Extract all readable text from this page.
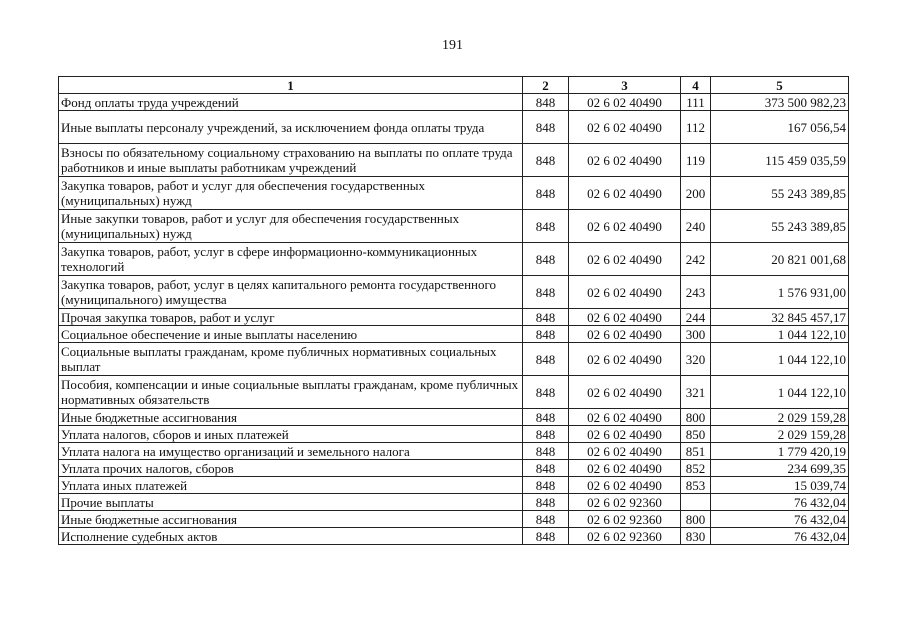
191
1	2	3	4	5
Фонд оплаты труда учреждений	848	02 6 02 40490	111	373 500 982,23
Иные выплаты персоналу учреждений, за исключением фонда оплаты труда	848	02 6 02 40490	112	167 056,54
Взносы по обязательному социальному страхованию на выплаты по оплате труда работников и иные выплаты работникам учреждений	848	02 6 02 40490	119	115 459 035,59
Закупка товаров, работ и услуг для обеспечения государственных (муниципальных) нужд	848	02 6 02 40490	200	55 243 389,85
Иные закупки товаров, работ и услуг для обеспечения государственных (муниципальных) нужд	848	02 6 02 40490	240	55 243 389,85
Закупка товаров, работ, услуг в сфере информационно-коммуникационных технологий	848	02 6 02 40490	242	20 821 001,68
Закупка товаров, работ, услуг в целях капитального ремонта государственного (муниципального) имущества	848	02 6 02 40490	243	1 576 931,00
Прочая закупка товаров, работ и услуг	848	02 6 02 40490	244	32 845 457,17
Социальное обеспечение и иные выплаты населению	848	02 6 02 40490	300	1 044 122,10
Социальные выплаты гражданам, кроме публичных нормативных социальных выплат	848	02 6 02 40490	320	1 044 122,10
Пособия, компенсации и иные социальные выплаты гражданам, кроме публичных нормативных обязательств	848	02 6 02 40490	321	1 044 122,10
Иные бюджетные ассигнования	848	02 6 02 40490	800	2 029 159,28
Уплата налогов, сборов и иных платежей	848	02 6 02 40490	850	2 029 159,28
Уплата налога на имущество организаций и земельного налога	848	02 6 02 40490	851	1 779 420,19
Уплата прочих налогов, сборов	848	02 6 02 40490	852	234 699,35
Уплата иных платежей	848	02 6 02 40490	853	15 039,74
Прочие выплаты	848	02 6 02 92360		76 432,04
Иные бюджетные ассигнования	848	02 6 02 92360	800	76 432,04
Исполнение судебных актов	848	02 6 02 92360	830	76 432,04
